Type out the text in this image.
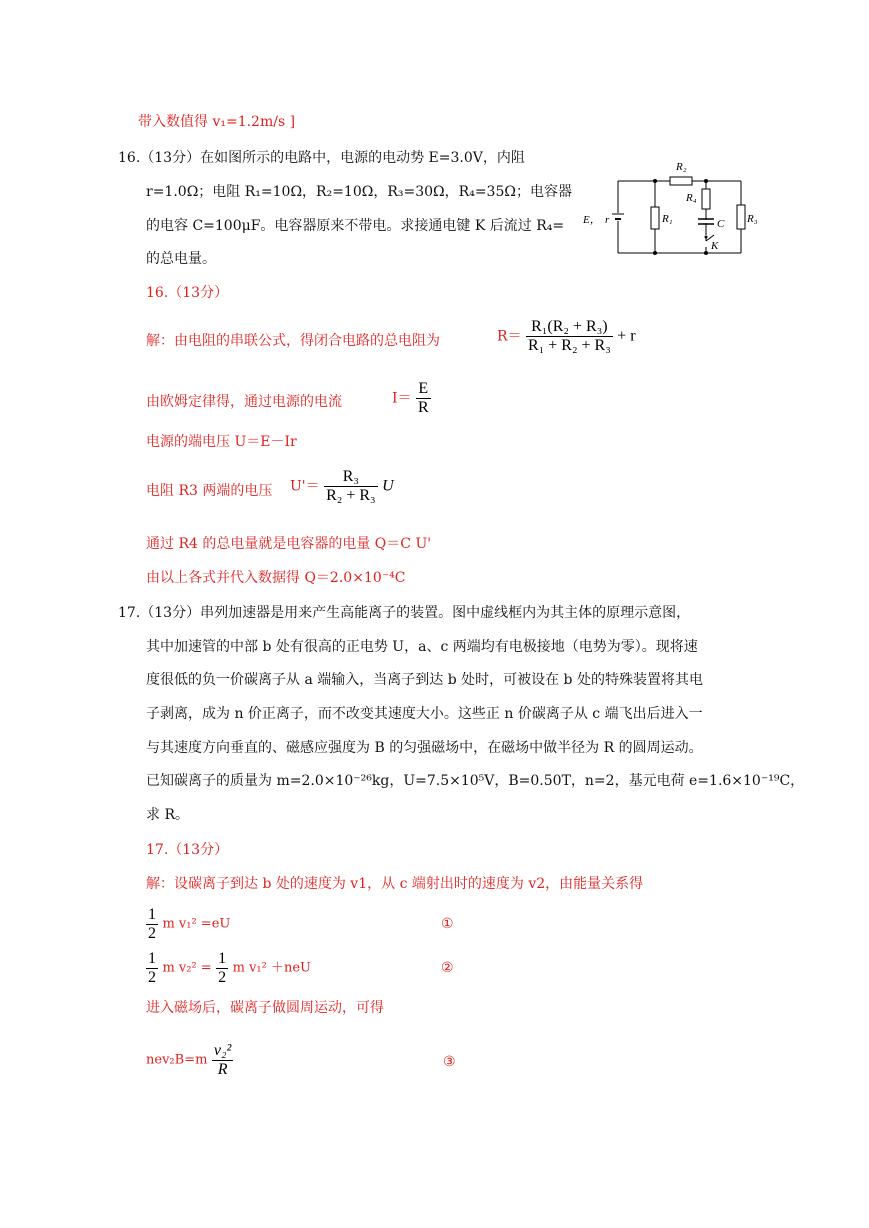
带入数值得 v₁=1.2m/s ]
16.（13分）在如图所示的电路中，电源的电动势 E=3.0V，内阻
r=1.0Ω；电阻 R₁=10Ω，R₂=10Ω，R₃=30Ω，R₄=35Ω；电容器
的电容 C=100μF。电容器原来不带电。求接通电键 K 后流过 R₄=
的总电量。
E， r	R₁
R₂
R₄
C
K
R₃
16.（13分）
解：由电阻的串联公式，得闭合电路的总电阻为	$R= \frac{\text{R₁(R₂ + R₃)}}{\text{R₁ + R₂ + R₃}} + r$
由欧姆定律得，通过电源的电流	$I= \frac{E}{R}$
电源的端电压 U＝E－Ir
电阻 R3 两端的电压 $U'= \frac{\text{R₃}}{\text{R₂ + R₃}}$ U
通过 R4 的总电量就是电容器的电量 Q＝C U'
由以上各式并代入数据得 Q＝2.0×10⁻⁴C
17.（13分）串列加速器是用来产生高能离子的装置。图中虚线框内为其主体的原理示意图，
其中加速管的中部 b 处有很高的正电势 U，a、c 两端均有电极接地（电势为零）。现将速
度很低的负一价碳离子从 a 端输入，当离子到达 b 处时，可被设在 b 处的特殊装置将其电
子剥离，成为 n 价正离子，而不改变其速度大小。这些正 n 价碳离子从 c 端飞出后进入一
与其速度方向垂直的、磁感应强度为 B 的匀强磁场中，在磁场中做半径为 R 的圆周运动。
已知碳离子的质量为 m=2.0×10⁻²⁶kg，U=7.5×10⁵V，B=0.50T，n=2，基元电荷 e=1.6×10⁻¹⁹C，
求 R。
17.（13分）
解：设碳离子到达 b 处的速度为 v1，从 c 端射出时的速度为 v2，由能量关系得
$\frac{1}{2}$ m v₁² =eU	①
$\frac{1}{2}$ m $v_2^2 = \frac{1}{2}$ m v₁² ＋neU	②
进入磁场后，碳离子做圆周运动，可得
$nev_2B=m \frac{\text{v₂²}}{R}$	③
